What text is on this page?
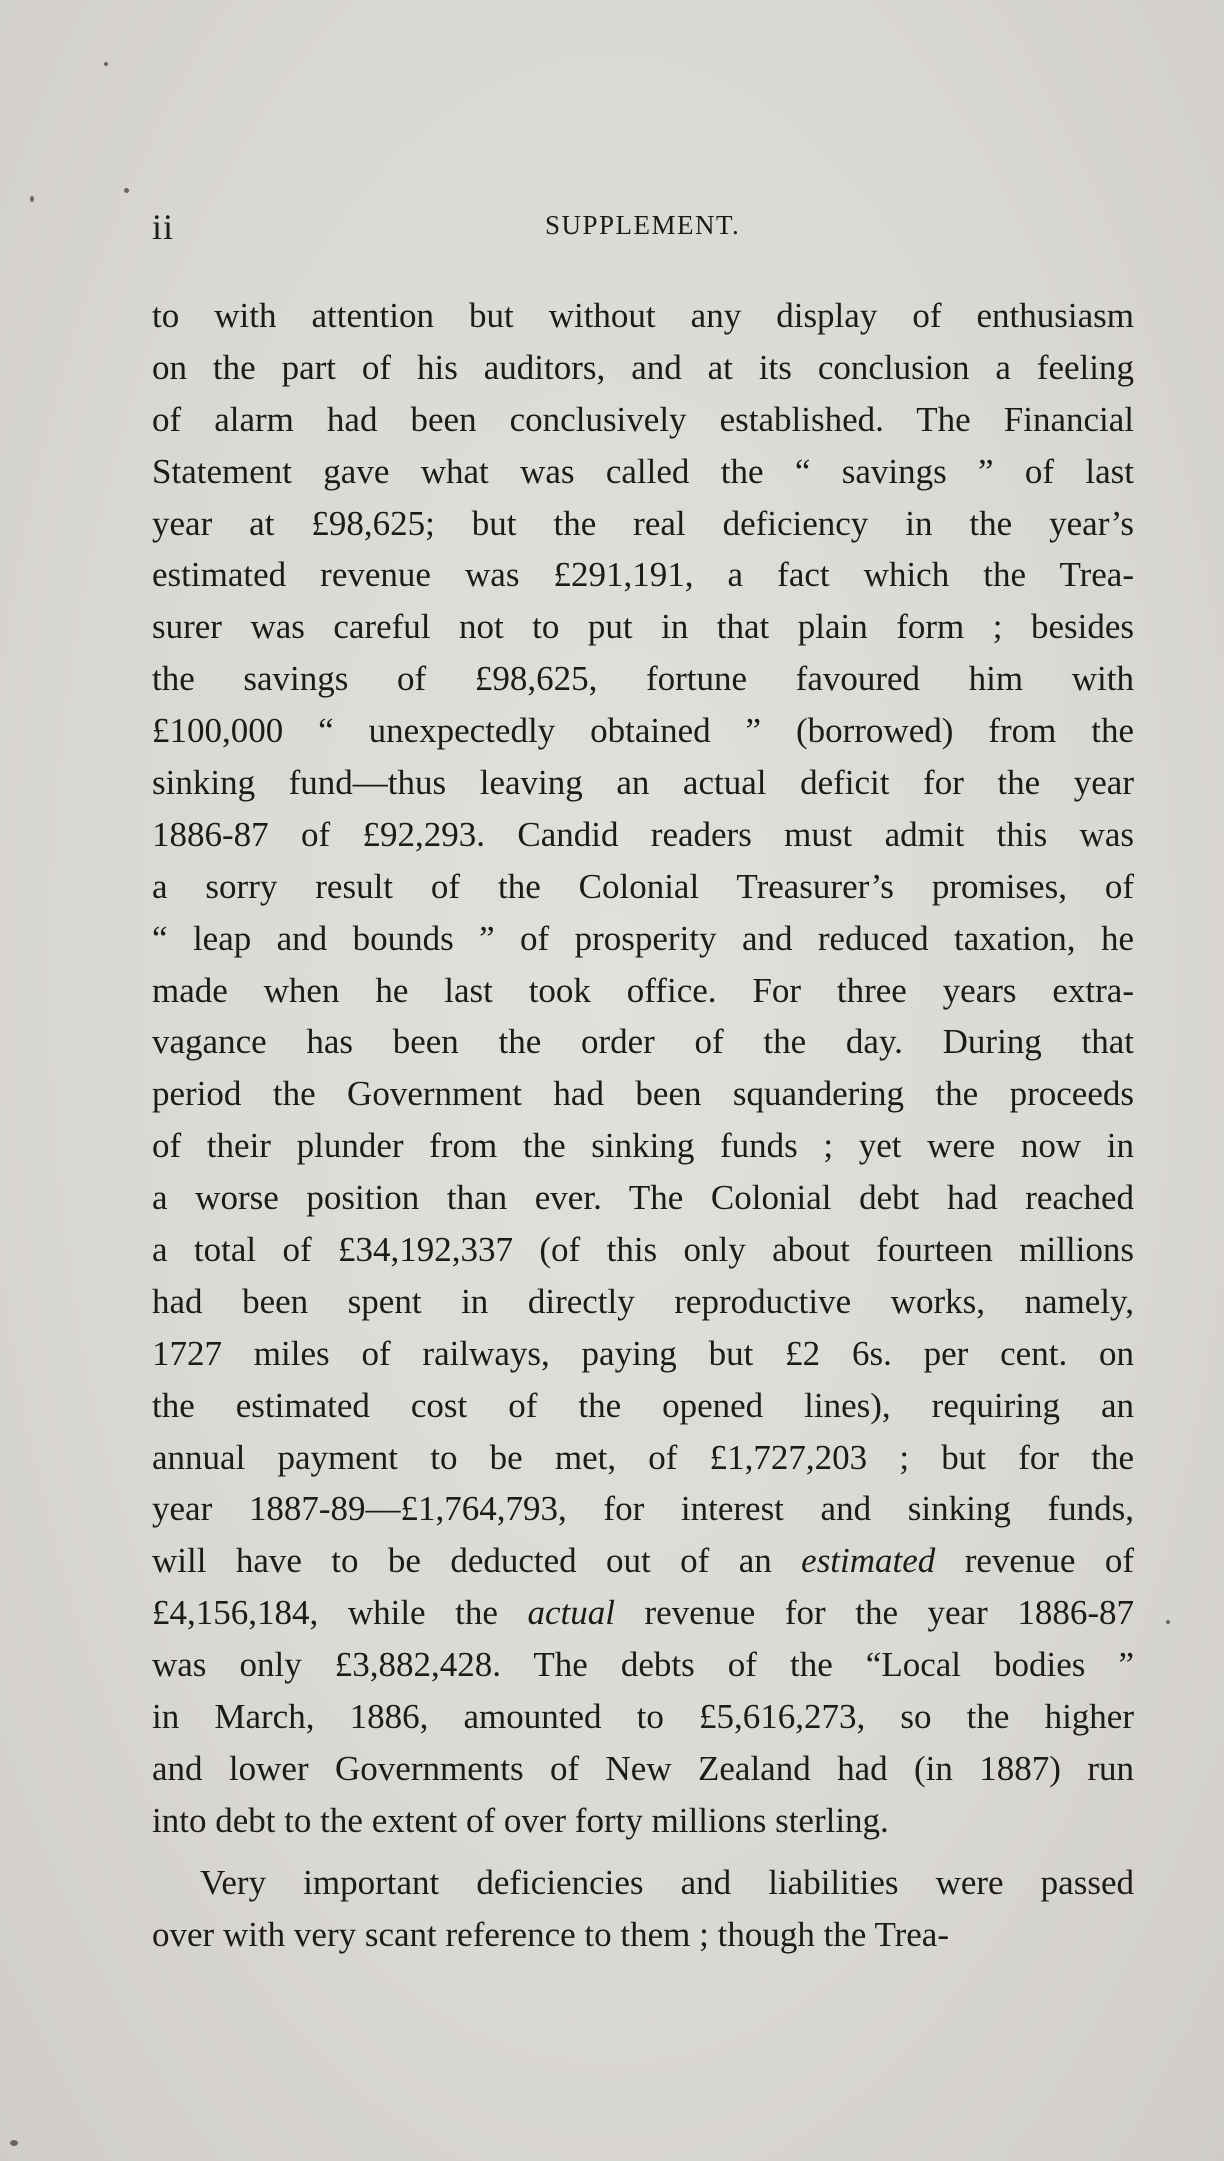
ii	SUPPLEMENT.
to with attention but without any display of enthusiasm
on the part of his auditors, and at its conclusion a feeling
of alarm had been conclusively established. The Financial
Statement gave what was called the “ savings ” of last
year at £98,625; but the real deficiency in the year’s
estimated revenue was £291,191, a fact which the Trea-
surer was careful not to put in that plain form ; besides
the savings of £98,625, fortune favoured him with
£100,000 “ unexpectedly obtained ” (borrowed) from the
sinking fund—thus leaving an actual deficit for the year
1886-87 of £92,293. Candid readers must admit this was
a sorry result of the Colonial Treasurer’s promises, of
“ leap and bounds ” of prosperity and reduced taxation, he
made when he last took office. For three years extra-
vagance has been the order of the day. During that
period the Government had been squandering the proceeds
of their plunder from the sinking funds ; yet were now in
a worse position than ever. The Colonial debt had reached
a total of £34,192,337 (of this only about fourteen millions
had been spent in directly reproductive works, namely,
1727 miles of railways, paying but £2 6s. per cent. on
the estimated cost of the opened lines), requiring an
annual payment to be met, of £1,727,203 ; but for the
year 1887-89—£1,764,793, for interest and sinking funds,
will have to be deducted out of an estimated revenue of
£4,156,184, while the actual revenue for the year 1886-87
was only £3,882,428. The debts of the “Local bodies ”
in March, 1886, amounted to £5,616,273, so the higher
and lower Governments of New Zealand had (in 1887) run
into debt to the extent of over forty millions sterling.
Very important deficiencies and liabilities were passed
over with very scant reference to them ; though the Trea-
